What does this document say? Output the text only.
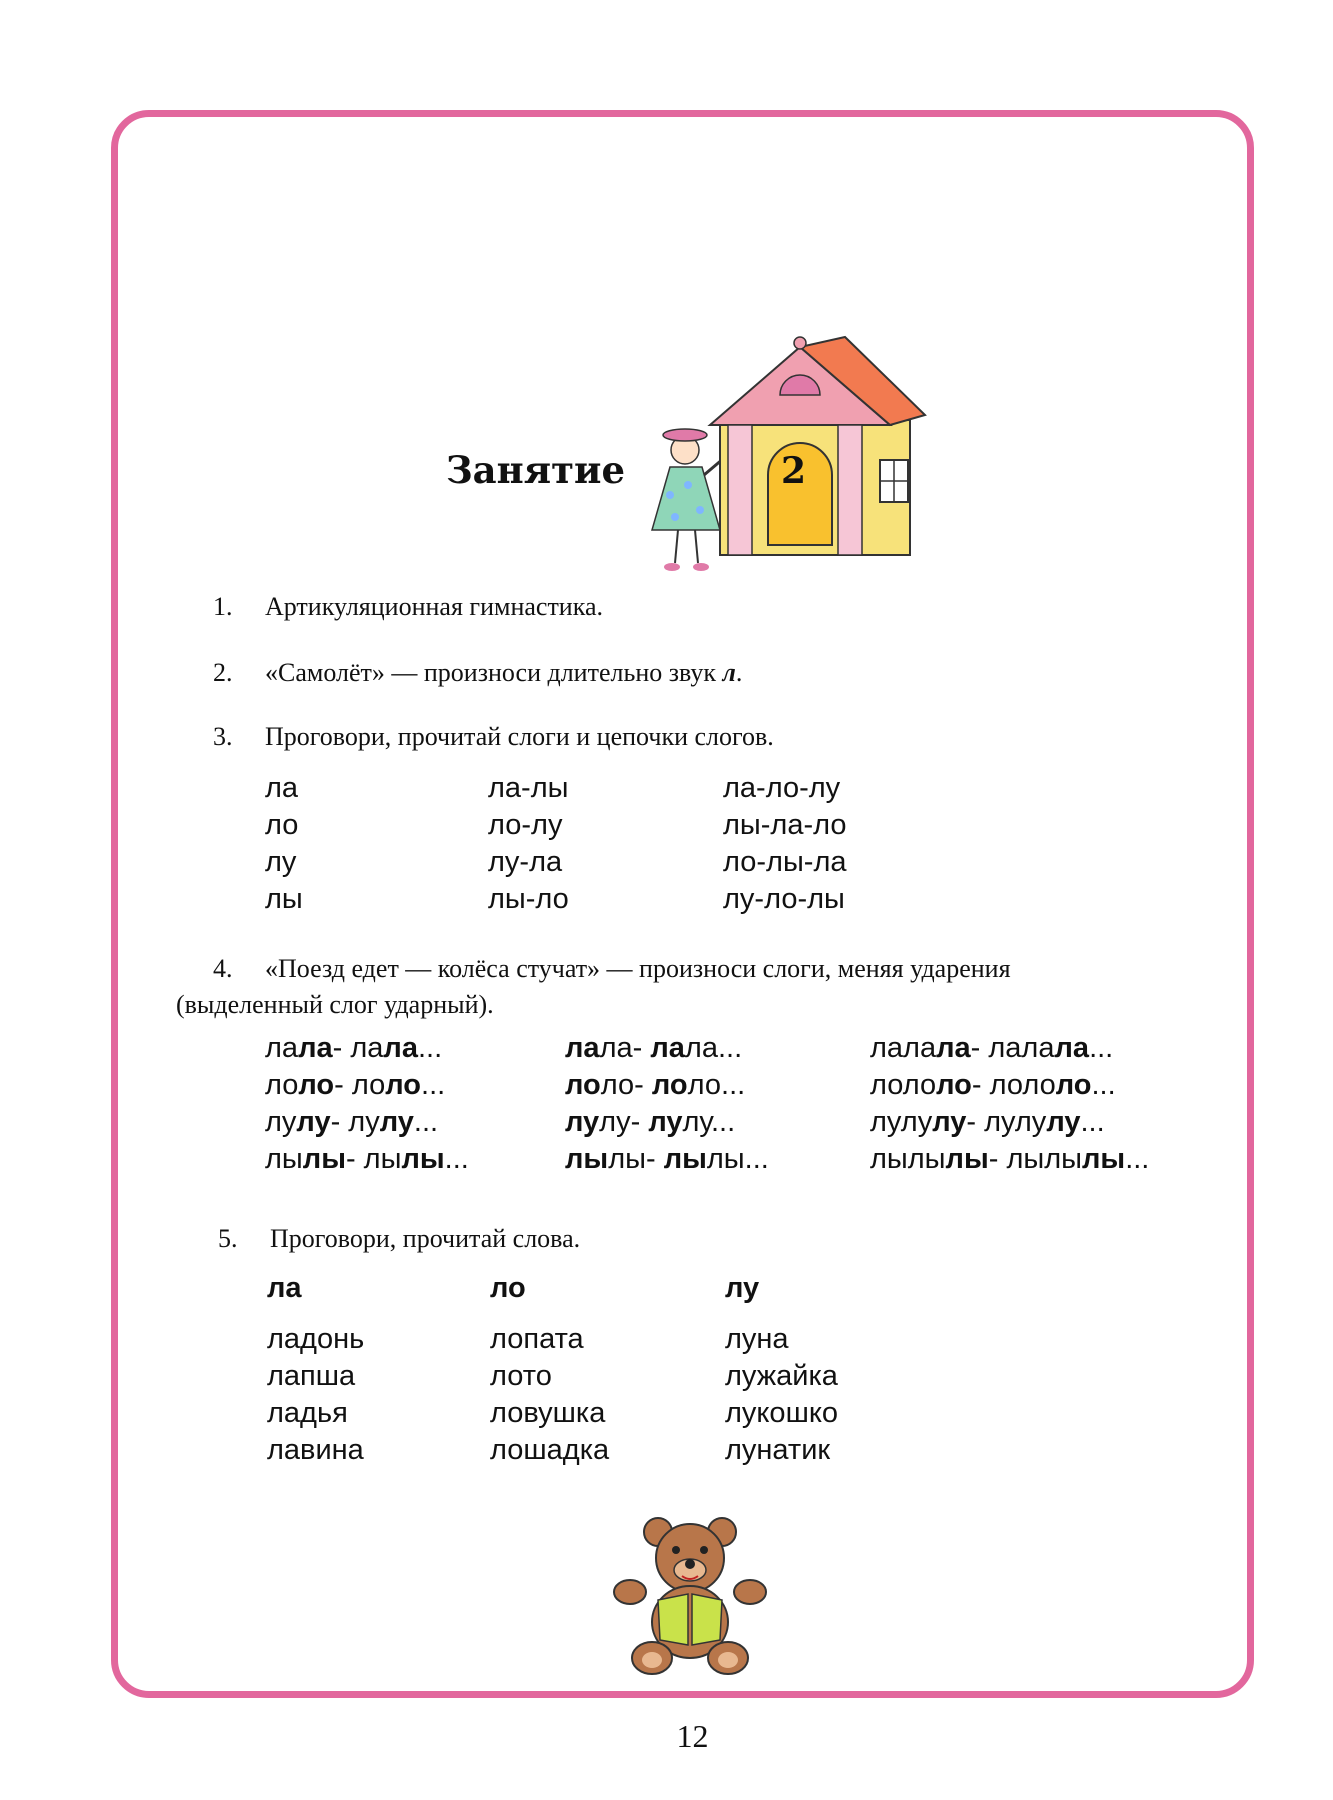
Занятие	2
1. Артикуляционная гимнастика.
2. «Самолёт» — произноси длительно звук л.
3. Проговори, прочитай слоги и цепочки слогов.
ла
ло
лу
лы
ла-лы
ло-лу
лу-ла
лы-ло
ла-ло-лу
лы-ла-ло
ло-лы-ла
лу-ло-лы
4. «Поезд едет — колёса стучат» — произноси слоги, меняя ударения
(выделенный слог ударный).
лала- лала...
лоло- лоло...
лулу- лулу...
лылы- лылы...
лала- лала...
лоло- лоло...
лулу- лулу...
лылы- лылы...
лалала- лалала...
лололо- лололо...
лулулу- лулулу...
лылылы- лылылы...
5. Проговори, прочитай слова.
ла
ладонь
лапша
ладья
лавина
ло
лопата
лото
ловушка
лошадка
лу
луна
лужайка
лукошко
лунатик
12
